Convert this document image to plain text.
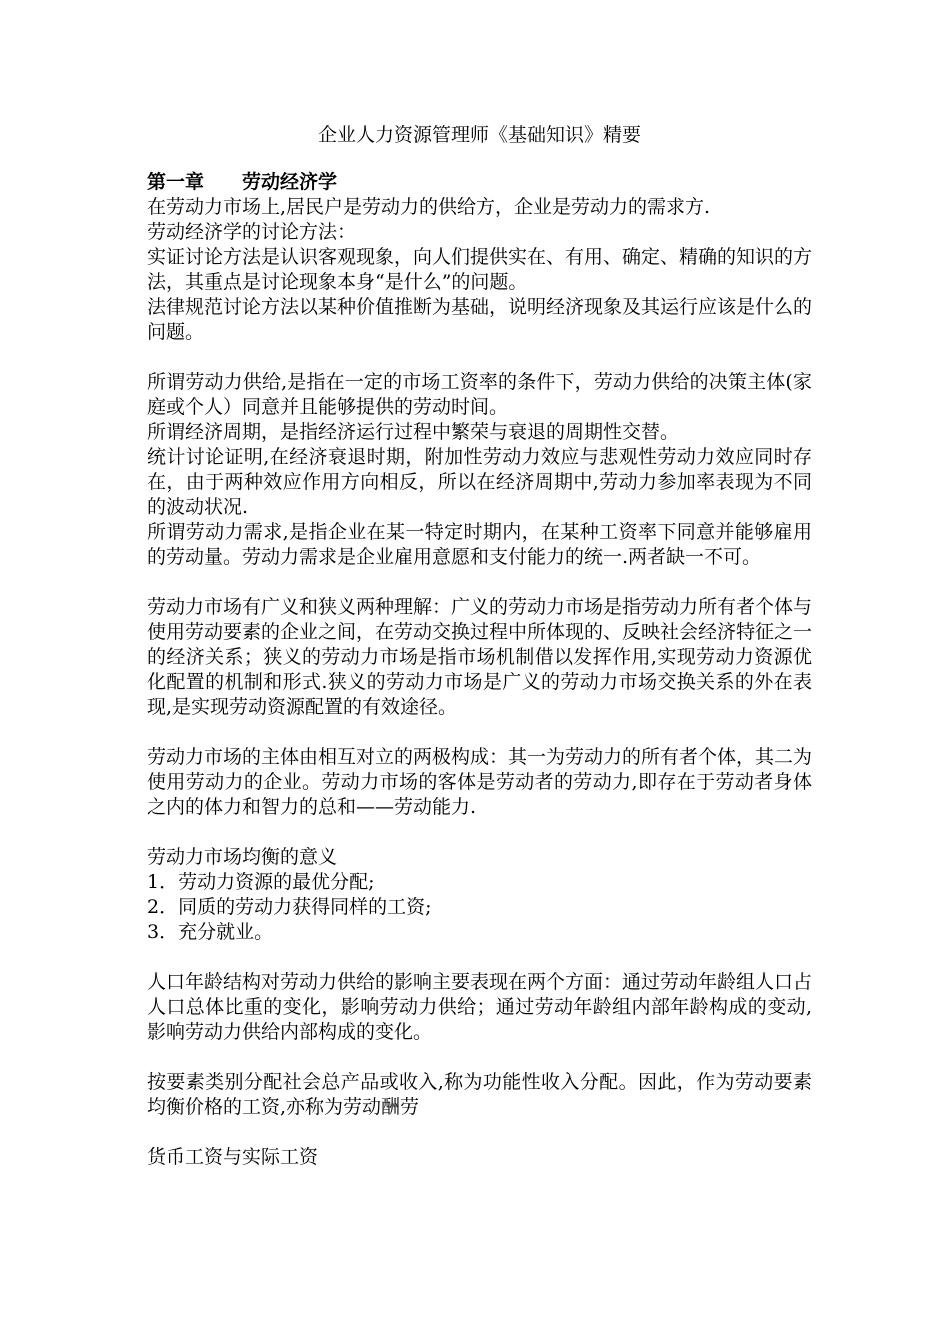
企业人力资源管理师《基础知识》精要
第一章　　劳动经济学

在劳动力市场上,居民户是劳动力的供给方，企业是劳动力的需求方.

劳动经济学的讨论方法：

实证讨论方法是认识客观现象，向人们提供实在、有用、确定、精确的知识的方法，其重点是讨论现象本身“是什么”的问题。

法律规范讨论方法以某种价值推断为基础，说明经济现象及其运行应该是什么的问题。

所谓劳动力供给,是指在一定的市场工资率的条件下，劳动力供给的决策主体(家庭或个人）同意并且能够提供的劳动时间。

所谓经济周期，是指经济运行过程中繁荣与衰退的周期性交替。

统计讨论证明,在经济衰退时期，附加性劳动力效应与悲观性劳动力效应同时存在，由于两种效应作用方向相反，所以在经济周期中,劳动力参加率表现为不同的波动状况.

所谓劳动力需求,是指企业在某一特定时期内，在某种工资率下同意并能够雇用的劳动量。劳动力需求是企业雇用意愿和支付能力的统一.两者缺一不可。

劳动力市场有广义和狭义两种理解：广义的劳动力市场是指劳动力所有者个体与使用劳动要素的企业之间，在劳动交换过程中所体现的、反映社会经济特征之一的经济关系；狭义的劳动力市场是指市场机制借以发挥作用,实现劳动力资源优化配置的机制和形式.狭义的劳动力市场是广义的劳动力市场交换关系的外在表现,是实现劳动资源配置的有效途径。

劳动力市场的主体由相互对立的两极构成：其一为劳动力的所有者个体，其二为使用劳动力的企业。劳动力市场的客体是劳动者的劳动力,即存在于劳动者身体之内的体力和智力的总和——劳动能力.

劳动力市场均衡的意义

1．劳动力资源的最优分配;

2．同质的劳动力获得同样的工资;

3．充分就业。

人口年龄结构对劳动力供给的影响主要表现在两个方面：通过劳动年龄组人口占人口总体比重的变化，影响劳动力供给；通过劳动年龄组内部年龄构成的变动,影响劳动力供给内部构成的变化。

按要素类别分配社会总产品或收入,称为功能性收入分配。因此，作为劳动要素均衡价格的工资,亦称为劳动酬劳

货币工资与实际工资
